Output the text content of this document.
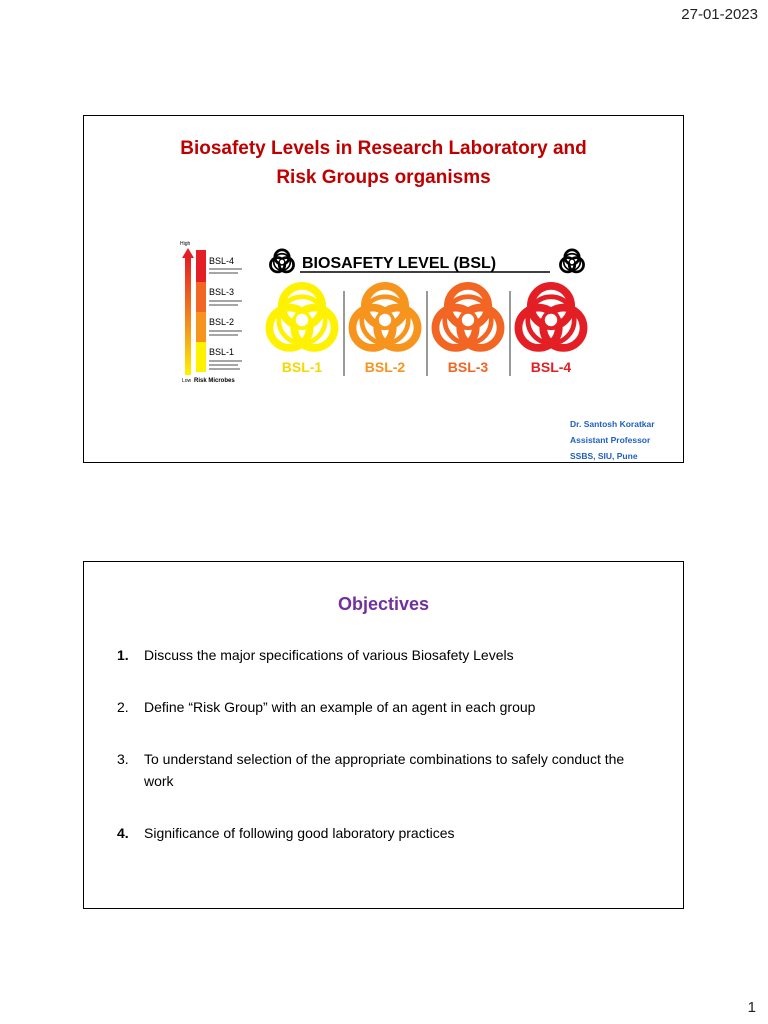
27-01-2023
Biosafety Levels in Research Laboratory and
Risk Groups organisms
High
Low Risk Microbes
BSL-4
BSL-3
BSL-2
BSL-1
BIOSAFETY LEVEL (BSL)
BSL-1	BSL-2	BSL-3	BSL-4
Dr. Santosh Koratkar
Assistant Professor
SSBS, SIU, Pune
Objectives
1.	Discuss the major specifications of various Biosafety Levels
2.	Define “Risk Group” with an example of an agent in each group
3.	To understand selection of the appropriate combinations to safely conduct the work
4.	Significance of following good laboratory practices
1
